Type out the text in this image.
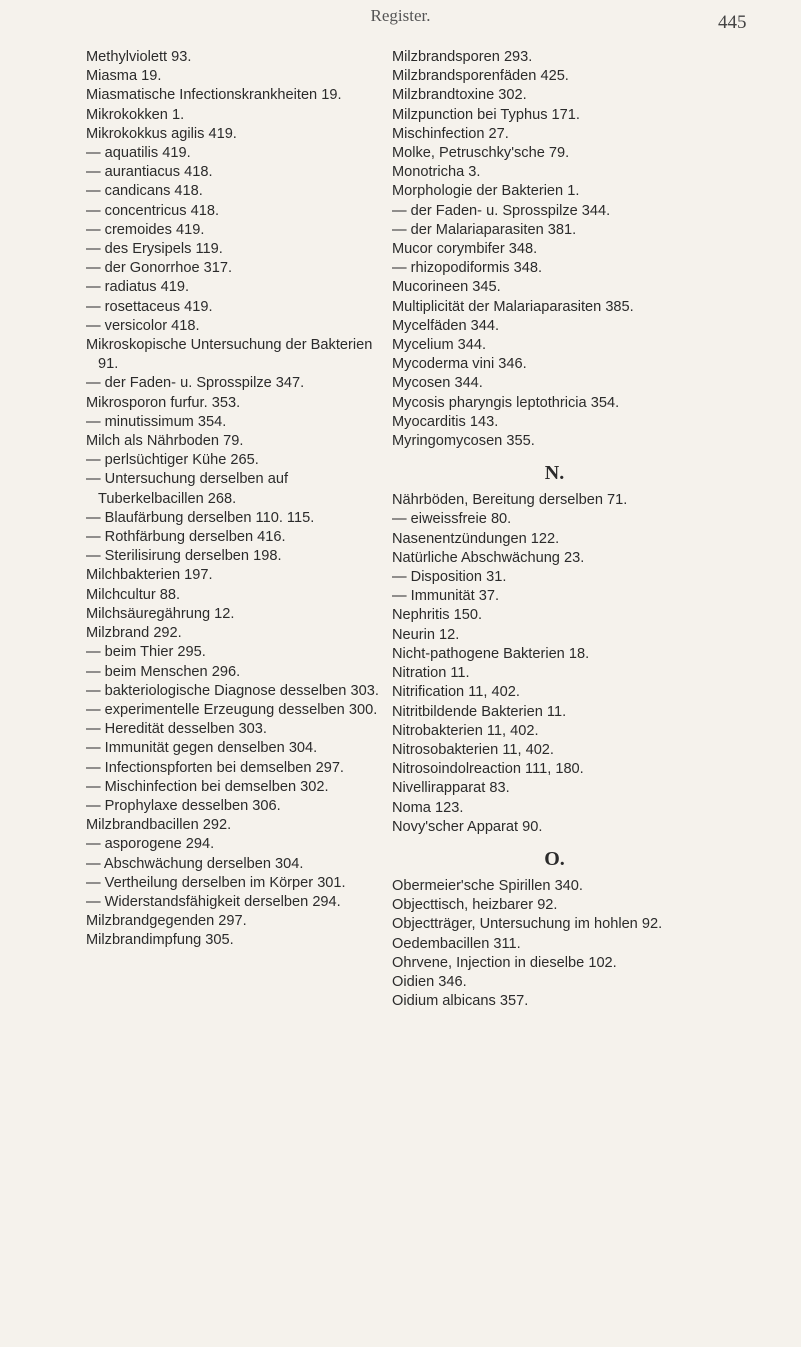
Register.	445

Methylviolett 93.

Miasma 19.

Miasmatische Infectionskrankheiten 19.

Mikrokokken 1.

Mikrokokkus agilis 419.

— aquatilis 419.

— aurantiacus 418.

— candicans 418.

— concentricus 418.

— cremoides 419.

— des Erysipels 119.

— der Gonorrhoe 317.

— radiatus 419.

— rosettaceus 419.

— versicolor 418.

Mikroskopische Untersuchung der Bakterien 91.

— der Faden- u. Sprosspilze 347.

Mikrosporon furfur. 353.

— minutissimum 354.

Milch als Nährboden 79.

— perlsüchtiger Kühe 265.

— Untersuchung derselben auf Tuberkelbacillen 268.

— Blaufärbung derselben 110. 115.

— Rothfärbung derselben 416.

— Sterilisirung derselben 198.

Milchbakterien 197.

Milchcultur 88.

Milchsäuregährung 12.

Milzbrand 292.

— beim Thier 295.

— beim Menschen 296.

— bakteriologische Diagnose desselben 303.

— experimentelle Erzeugung desselben 300.

— Heredität desselben 303.

— Immunität gegen denselben 304.

— Infectionspforten bei demselben 297.

— Mischinfection bei demselben 302.

— Prophylaxe desselben 306.

Milzbrandbacillen 292.

— asporogene 294.

— Abschwächung derselben 304.

— Vertheilung derselben im Körper 301.

— Widerstandsfähigkeit derselben 294.

Milzbrandgegenden 297.

Milzbrandimpfung 305.

Milzbrandsporen 293.

Milzbrandsporenfäden 425.

Milzbrandtoxine 302.

Milzpunction bei Typhus 171.

Mischinfection 27.

Molke, Petruschky'sche 79.

Monotricha 3.

Morphologie der Bakterien 1.

— der Faden- u. Sprosspilze 344.

— der Malariaparasiten 381.

Mucor corymbifer 348.

— rhizopodiformis 348.

Mucorineen 345.

Multiplicität der Malariaparasiten 385.

Mycelfäden 344.

Mycelium 344.

Mycoderma vini 346.

Mycosen 344.

Mycosis pharyngis leptothricia 354.

Myocarditis 143.

Myringomycosen 355.

N.

Nährböden, Bereitung derselben 71.

— eiweissfreie 80.

Nasenentzündungen 122.

Natürliche Abschwächung 23.

— Disposition 31.

— Immunität 37.

Nephritis 150.

Neurin 12.

Nicht-pathogene Bakterien 18.

Nitration 11.

Nitrification 11, 402.

Nitritbildende Bakterien 11.

Nitrobakterien 11, 402.

Nitrosobakterien 11, 402.

Nitrosoindolreaction 111, 180.

Nivellirapparat 83.

Noma 123.

Novy'scher Apparat 90.

O.

Obermeier'sche Spirillen 340.

Objecttisch, heizbarer 92.

Objectträger, Untersuchung im hohlen 92.

Oedembacillen 311.

Ohrvene, Injection in dieselbe 102.

Oidien 346.

Oidium albicans 357.
